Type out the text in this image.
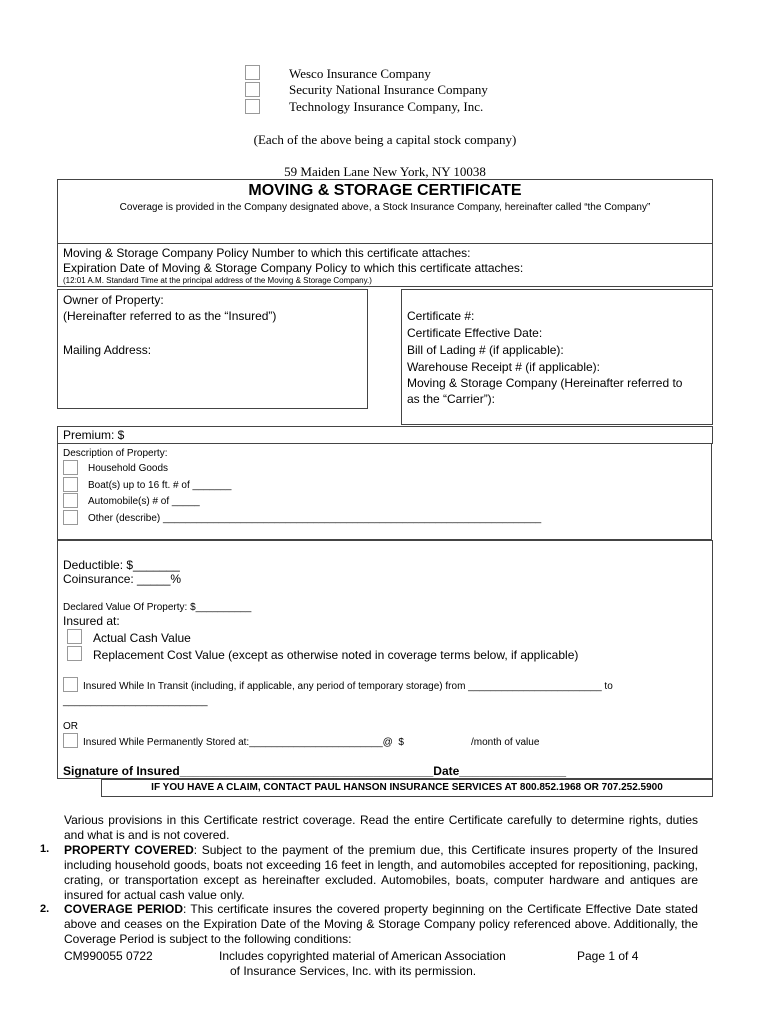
Wesco Insurance Company
Security National Insurance Company
Technology Insurance Company, Inc.
(Each of the above being a capital stock company)
59 Maiden Lane New York, NY 10038
MOVING & STORAGE CERTIFICATE
Coverage is provided in the Company designated above, a Stock Insurance Company, hereinafter called “the Company”
Moving & Storage Company Policy Number to which this certificate attaches:
Expiration Date of Moving & Storage Company Policy to which this certificate attaches:
(12:01 A.M. Standard Time at the principal address of the Moving & Storage Company.)
Owner of Property:
(Hereinafter referred to as the “Insured”)
Mailing Address:
Certificate #:
Certificate Effective Date:
Bill of Lading # (if applicable):
Warehouse Receipt # (if applicable):
Moving & Storage Company (Hereinafter referred to
as the “Carrier”):
Premium: $
Description of Property:
Household Goods
Boat(s) up to 16 ft. # of _______
Automobile(s) # of _____
Other (describe) ____________________________________________________________________
Deductible: $_______
Coinsurance: _____%
Declared Value Of Property: $__________
Insured at:
Actual Cash Value
Replacement Cost Value (except as otherwise noted in coverage terms below, if applicable)
Insured While In Transit (including, if applicable, any period of temporary storage) from ________________________ to
__________________________
OR
Insured While Permanently Stored at:________________________@  $	/month of value
Signature of Insured______________________________________Date________________
IF YOU HAVE A CLAIM, CONTACT PAUL HANSON INSURANCE SERVICES AT 800.852.1968 OR 707.252.5900
Various provisions in this Certificate restrict coverage. Read the entire Certificate carefully to determine rights, duties and what is and is not covered.
1. PROPERTY COVERED: Subject to the payment of the premium due, this Certificate insures property of the Insured including household goods, boats not exceeding 16 feet in length, and automobiles accepted for repositioning, packing, crating, or transportation except as hereinafter excluded. Automobiles, boats, computer hardware and antiques are insured for actual cash value only.
2. COVERAGE PERIOD: This certificate insures the covered property beginning on the Certificate Effective Date stated above and ceases on the Expiration Date of the Moving & Storage Company policy referenced above. Additionally, the Coverage Period is subject to the following conditions:
CM990055 0722	Includes copyrighted material of American Association
of Insurance Services, Inc. with its permission.
Page 1 of 4
